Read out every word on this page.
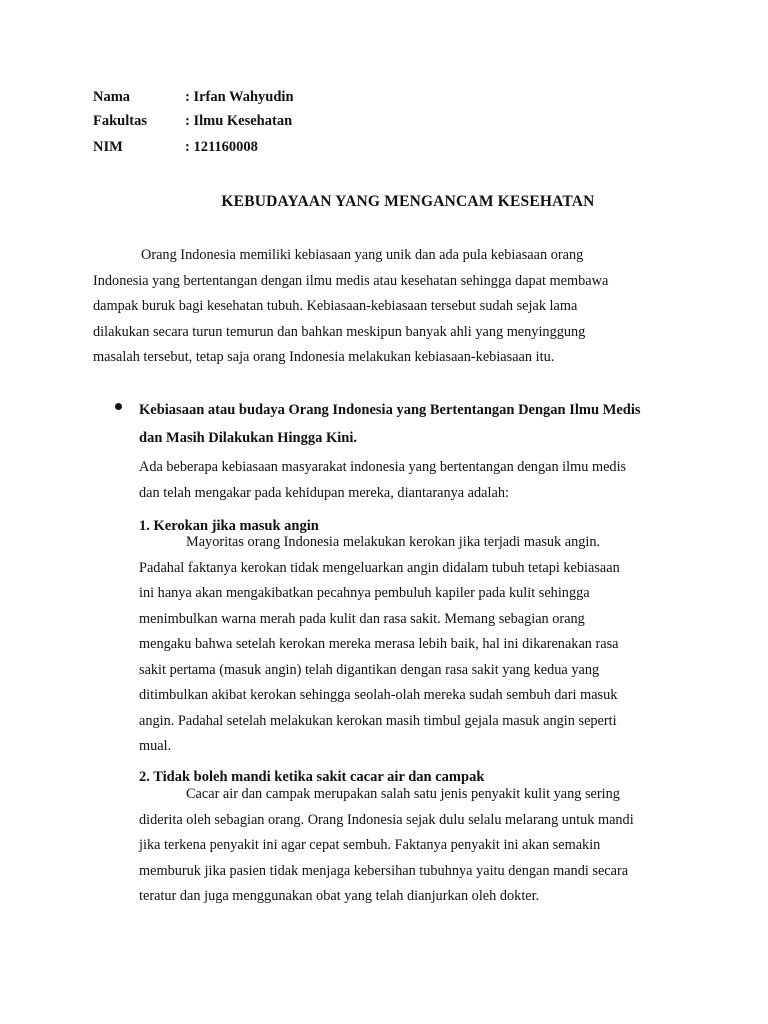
Nama	: Irfan Wahyudin
Fakultas	: Ilmu Kesehatan
NIM	: 121160008
KEBUDAYAAN YANG MENGANCAM KESEHATAN
Orang Indonesia memiliki kebiasaan yang unik dan ada pula kebiasaan orang
Indonesia yang bertentangan dengan ilmu medis atau kesehatan sehingga dapat membawa
dampak buruk bagi kesehatan tubuh. Kebiasaan-kebiasaan tersebut sudah sejak lama
dilakukan secara turun temurun dan bahkan meskipun banyak ahli yang menyinggung
masalah tersebut, tetap saja orang Indonesia melakukan kebiasaan-kebiasaan itu.
Kebiasaan atau budaya Orang Indonesia yang Bertentangan Dengan Ilmu Medis
dan Masih Dilakukan Hingga Kini.
Ada beberapa kebiasaan masyarakat indonesia yang bertentangan dengan ilmu medis
dan telah mengakar pada kehidupan mereka, diantaranya adalah:
1. Kerokan jika masuk angin
Mayoritas orang Indonesia melakukan kerokan jika terjadi masuk angin.
Padahal faktanya kerokan tidak mengeluarkan angin didalam tubuh tetapi kebiasaan
ini hanya akan mengakibatkan pecahnya pembuluh kapiler pada kulit sehingga
menimbulkan warna merah pada kulit dan rasa sakit. Memang sebagian orang
mengaku bahwa setelah kerokan mereka merasa lebih baik, hal ini dikarenakan rasa
sakit pertama (masuk angin) telah digantikan dengan rasa sakit yang kedua yang
ditimbulkan akibat kerokan sehingga seolah-olah mereka sudah sembuh dari masuk
angin. Padahal setelah melakukan kerokan masih timbul gejala masuk angin seperti
mual.
2. Tidak boleh mandi ketika sakit cacar air dan campak
Cacar air dan campak merupakan salah satu jenis penyakit kulit yang sering
diderita oleh sebagian orang. Orang Indonesia sejak dulu selalu melarang untuk mandi
jika terkena penyakit ini agar cepat sembuh. Faktanya penyakit ini akan semakin
memburuk jika pasien tidak menjaga kebersihan tubuhnya yaitu dengan mandi secara
teratur dan juga menggunakan obat yang telah dianjurkan oleh dokter.
